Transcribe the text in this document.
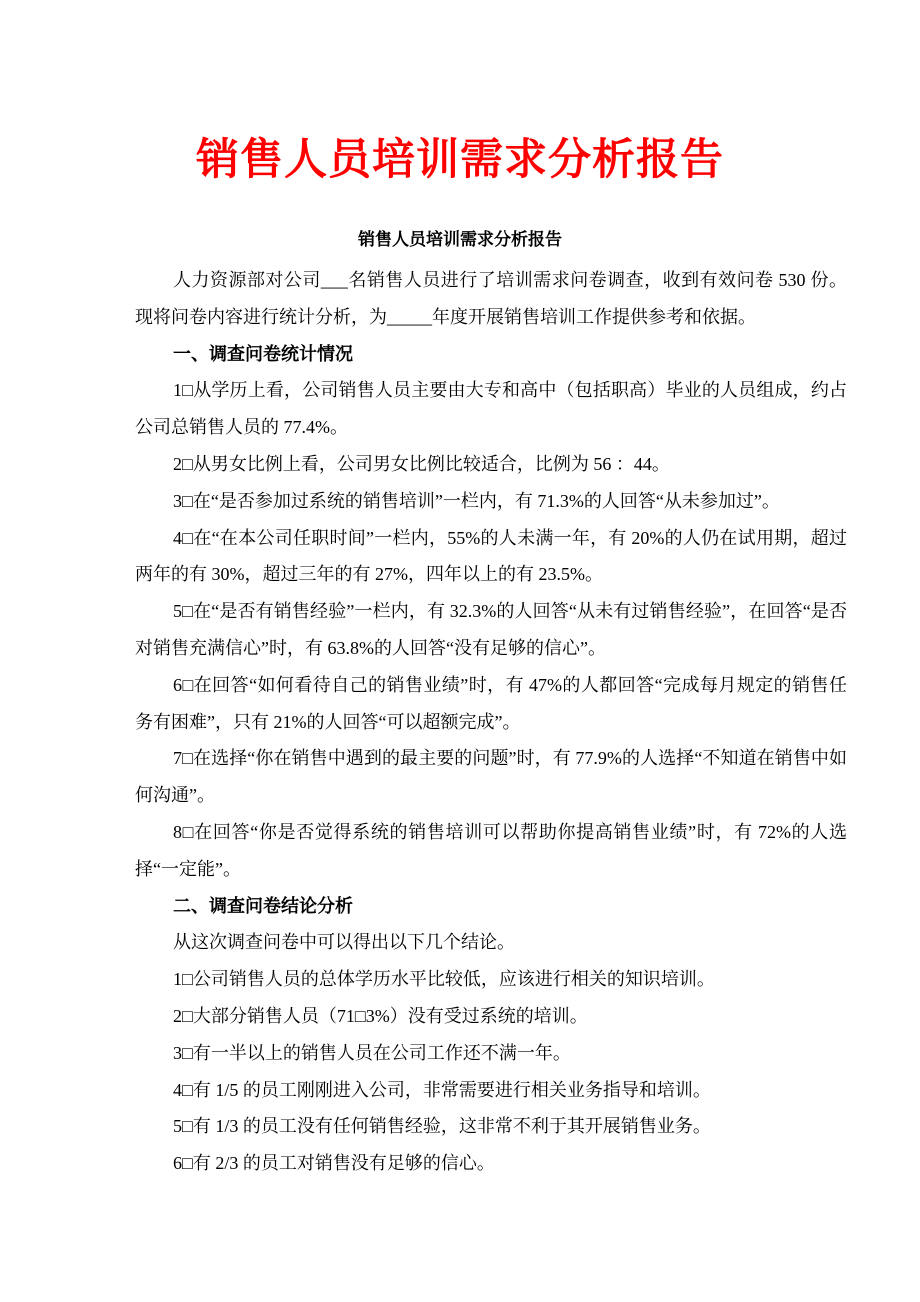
销售人员培训需求分析报告
销售人员培训需求分析报告

人力资源部对公司___名销售人员进行了培训需求问卷调查，收到有效问卷 530 份。现将问卷内容进行统计分析，为_____年度开展销售培训工作提供参考和依据。

一、调查问卷统计情况

1□从学历上看，公司销售人员主要由大专和高中（包括职高）毕业的人员组成，约占公司总销售人员的 77.4%。

2□从男女比例上看，公司男女比例比较适合，比例为 56 ：44。

3□在“是否参加过系统的销售培训”一栏内，有 71.3%的人回答“从未参加过”。

4□在“在本公司任职时间”一栏内，55%的人未满一年，有 20%的人仍在试用期，超过两年的有 30%，超过三年的有 27%，四年以上的有 23.5%。

5□在“是否有销售经验”一栏内，有 32.3%的人回答“从未有过销售经验”，在回答“是否对销售充满信心”时，有 63.8%的人回答“没有足够的信心”。

6□在回答“如何看待自己的销售业绩”时，有 47%的人都回答“完成每月规定的销售任务有困难”，只有 21%的人回答“可以超额完成”。

7□在选择“你在销售中遇到的最主要的问题”时，有 77.9%的人选择“不知道在销售中如何沟通”。

8□在回答“你是否觉得系统的销售培训可以帮助你提高销售业绩”时，有 72%的人选择“一定能”。

二、调查问卷结论分析

从这次调查问卷中可以得出以下几个结论。

1□公司销售人员的总体学历水平比较低，应该进行相关的知识培训。

2□大部分销售人员（71□3%）没有受过系统的培训。

3□有一半以上的销售人员在公司工作还不满一年。

4□有 1/5 的员工刚刚进入公司，非常需要进行相关业务指导和培训。

5□有 1/3 的员工没有任何销售经验，这非常不利于其开展销售业务。

6□有 2/3 的员工对销售没有足够的信心。
